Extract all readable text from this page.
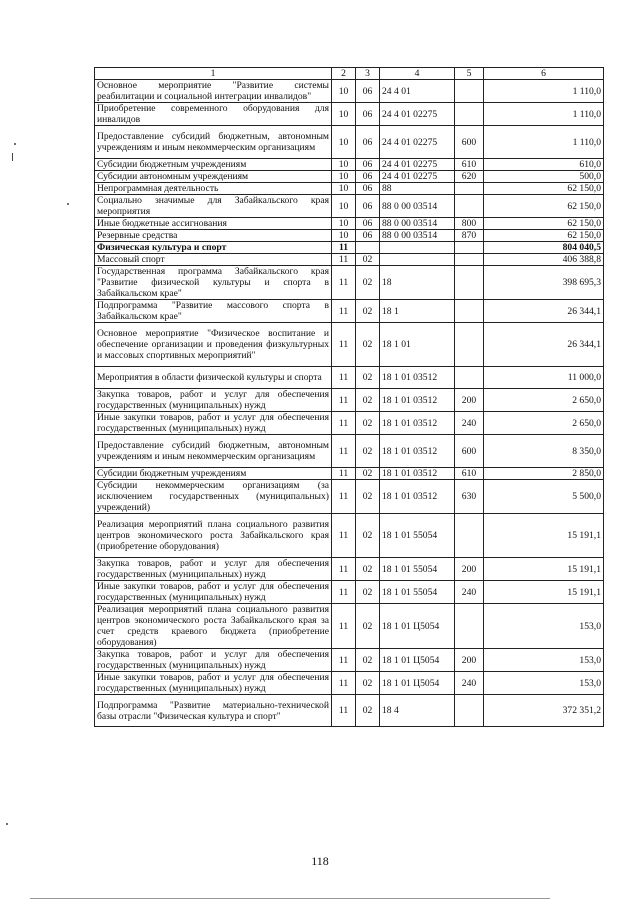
1	2	3	4	5	6
Основное мероприятие "Развитие системы реабилитации и социальной интеграции инвалидов"	10	06	24 4 01		1 110,0
Приобретение современного оборудования для инвалидов	10	06	24 4 01 02275		1 110,0
Предоставление субсидий бюджетным, автономным учреждениям и иным некоммерческим организациям	10	06	24 4 01 02275	600	1 110,0
Субсидии бюджетным учреждениям	10	06	24 4 01 02275	610	610,0
Субсидии автономным учреждениям	10	06	24 4 01 02275	620	500,0
Непрограммная деятельность	10	06	88		62 150,0
Социально значимые для Забайкальского края мероприятия	10	06	88 0 00 03514		62 150,0
Иные бюджетные ассигнования	10	06	88 0 00 03514	800	62 150,0
Резервные средства	10	06	88 0 00 03514	870	62 150,0
Физическая культура и спорт	11				804 040,5
Массовый спорт	11	02			406 388,8
Государственная программа Забайкальского края "Развитие физической культуры и спорта в Забайкальском крае"	11	02	18		398 695,3
Подпрограмма "Развитие массового спорта в Забайкальском крае"	11	02	18 1		26 344,1
Основное мероприятие "Физическое воспитание и обеспечение организации и проведения физкультурных и массовых спортивных мероприятий"	11	02	18 1 01		26 344,1
Мероприятия в области физической культуры и спорта	11	02	18 1 01 03512		11 000,0
Закупка товаров, работ и услуг для обеспечения государственных (муниципальных) нужд	11	02	18 1 01 03512	200	2 650,0
Иные закупки товаров, работ и услуг для обеспечения государственных (муниципальных) нужд	11	02	18 1 01 03512	240	2 650,0
Предоставление субсидий бюджетным, автономным учреждениям и иным некоммерческим организациям	11	02	18 1 01 03512	600	8 350,0
Субсидии бюджетным учреждениям	11	02	18 1 01 03512	610	2 850,0
Субсидии некоммерческим организациям (за исключением государственных (муниципальных) учреждений)	11	02	18 1 01 03512	630	5 500,0
Реализация мероприятий плана социального развития центров экономического роста Забайкальского края (приобретение оборудования)	11	02	18 1 01 55054		15 191,1
Закупка товаров, работ и услуг для обеспечения государственных (муниципальных) нужд	11	02	18 1 01 55054	200	15 191,1
Иные закупки товаров, работ и услуг для обеспечения государственных (муниципальных) нужд	11	02	18 1 01 55054	240	15 191,1
Реализация мероприятий плана социального развития центров экономического роста Забайкальского края за счет средств краевого бюджета (приобретение оборудования)	11	02	18 1 01 Ц5054		153,0
Закупка товаров, работ и услуг для обеспечения государственных (муниципальных) нужд	11	02	18 1 01 Ц5054	200	153,0
Иные закупки товаров, работ и услуг для обеспечения государственных (муниципальных) нужд	11	02	18 1 01 Ц5054	240	153,0
Подпрограмма "Развитие материально-технической базы отрасли "Физическая культура и спорт"	11	02	18 4		372 351,2
118
